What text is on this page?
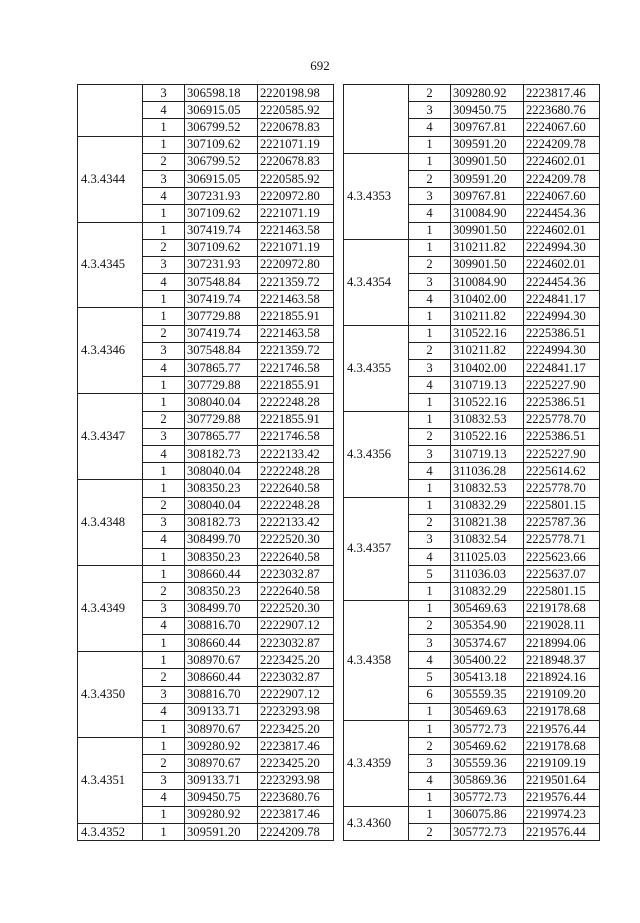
692
	3	306598.18	2220198.98
	4	306915.05	2220585.92
	1	306799.52	2220678.83
4.3.4344	1	307109.62	2221071.19
	2	306799.52	2220678.83
	3	306915.05	2220585.92
	4	307231.93	2220972.80
	1	307109.62	2221071.19
4.3.4345	1	307419.74	2221463.58
	2	307109.62	2221071.19
	3	307231.93	2220972.80
	4	307548.84	2221359.72
	1	307419.74	2221463.58
4.3.4346	1	307729.88	2221855.91
	2	307419.74	2221463.58
	3	307548.84	2221359.72
	4	307865.77	2221746.58
	1	307729.88	2221855.91
4.3.4347	1	308040.04	2222248.28
	2	307729.88	2221855.91
	3	307865.77	2221746.58
	4	308182.73	2222133.42
	1	308040.04	2222248.28
4.3.4348	1	308350.23	2222640.58
	2	308040.04	2222248.28
	3	308182.73	2222133.42
	4	308499.70	2222520.30
	1	308350.23	2222640.58
4.3.4349	1	308660.44	2223032.87
	2	308350.23	2222640.58
	3	308499.70	2222520.30
	4	308816.70	2222907.12
	1	308660.44	2223032.87
4.3.4350	1	308970.67	2223425.20
	2	308660.44	2223032.87
	3	308816.70	2222907.12
	4	309133.71	2223293.98
	1	308970.67	2223425.20
4.3.4351	1	309280.92	2223817.46
	2	308970.67	2223425.20
	3	309133.71	2223293.98
	4	309450.75	2223680.76
	1	309280.92	2223817.46
4.3.4352	1	309591.20	2224209.78
	2	309280.92	2223817.46
	3	309450.75	2223680.76
	4	309767.81	2224067.60
	1	309591.20	2224209.78
4.3.4353	1	309901.50	2224602.01
	2	309591.20	2224209.78
	3	309767.81	2224067.60
	4	310084.90	2224454.36
	1	309901.50	2224602.01
4.3.4354	1	310211.82	2224994.30
	2	309901.50	2224602.01
	3	310084.90	2224454.36
	4	310402.00	2224841.17
	1	310211.82	2224994.30
4.3.4355	1	310522.16	2225386.51
	2	310211.82	2224994.30
	3	310402.00	2224841.17
	4	310719.13	2225227.90
	1	310522.16	2225386.51
4.3.4356	1	310832.53	2225778.70
	2	310522.16	2225386.51
	3	310719.13	2225227.90
	4	311036.28	2225614.62
	1	310832.53	2225778.70
4.3.4357	1	310832.29	2225801.15
	2	310821.38	2225787.36
	3	310832.54	2225778.71
	4	311025.03	2225623.66
	5	311036.03	2225637.07
	1	310832.29	2225801.15
4.3.4358	1	305469.63	2219178.68
	2	305354.90	2219028.11
	3	305374.67	2218994.06
	4	305400.22	2218948.37
	5	305413.18	2218924.16
	6	305559.35	2219109.20
	1	305469.63	2219178.68
4.3.4359	1	305772.73	2219576.44
	2	305469.62	2219178.68
	3	305559.36	2219109.19
	4	305869.36	2219501.64
	1	305772.73	2219576.44
4.3.4360	1	306075.86	2219974.23
	2	305772.73	2219576.44
